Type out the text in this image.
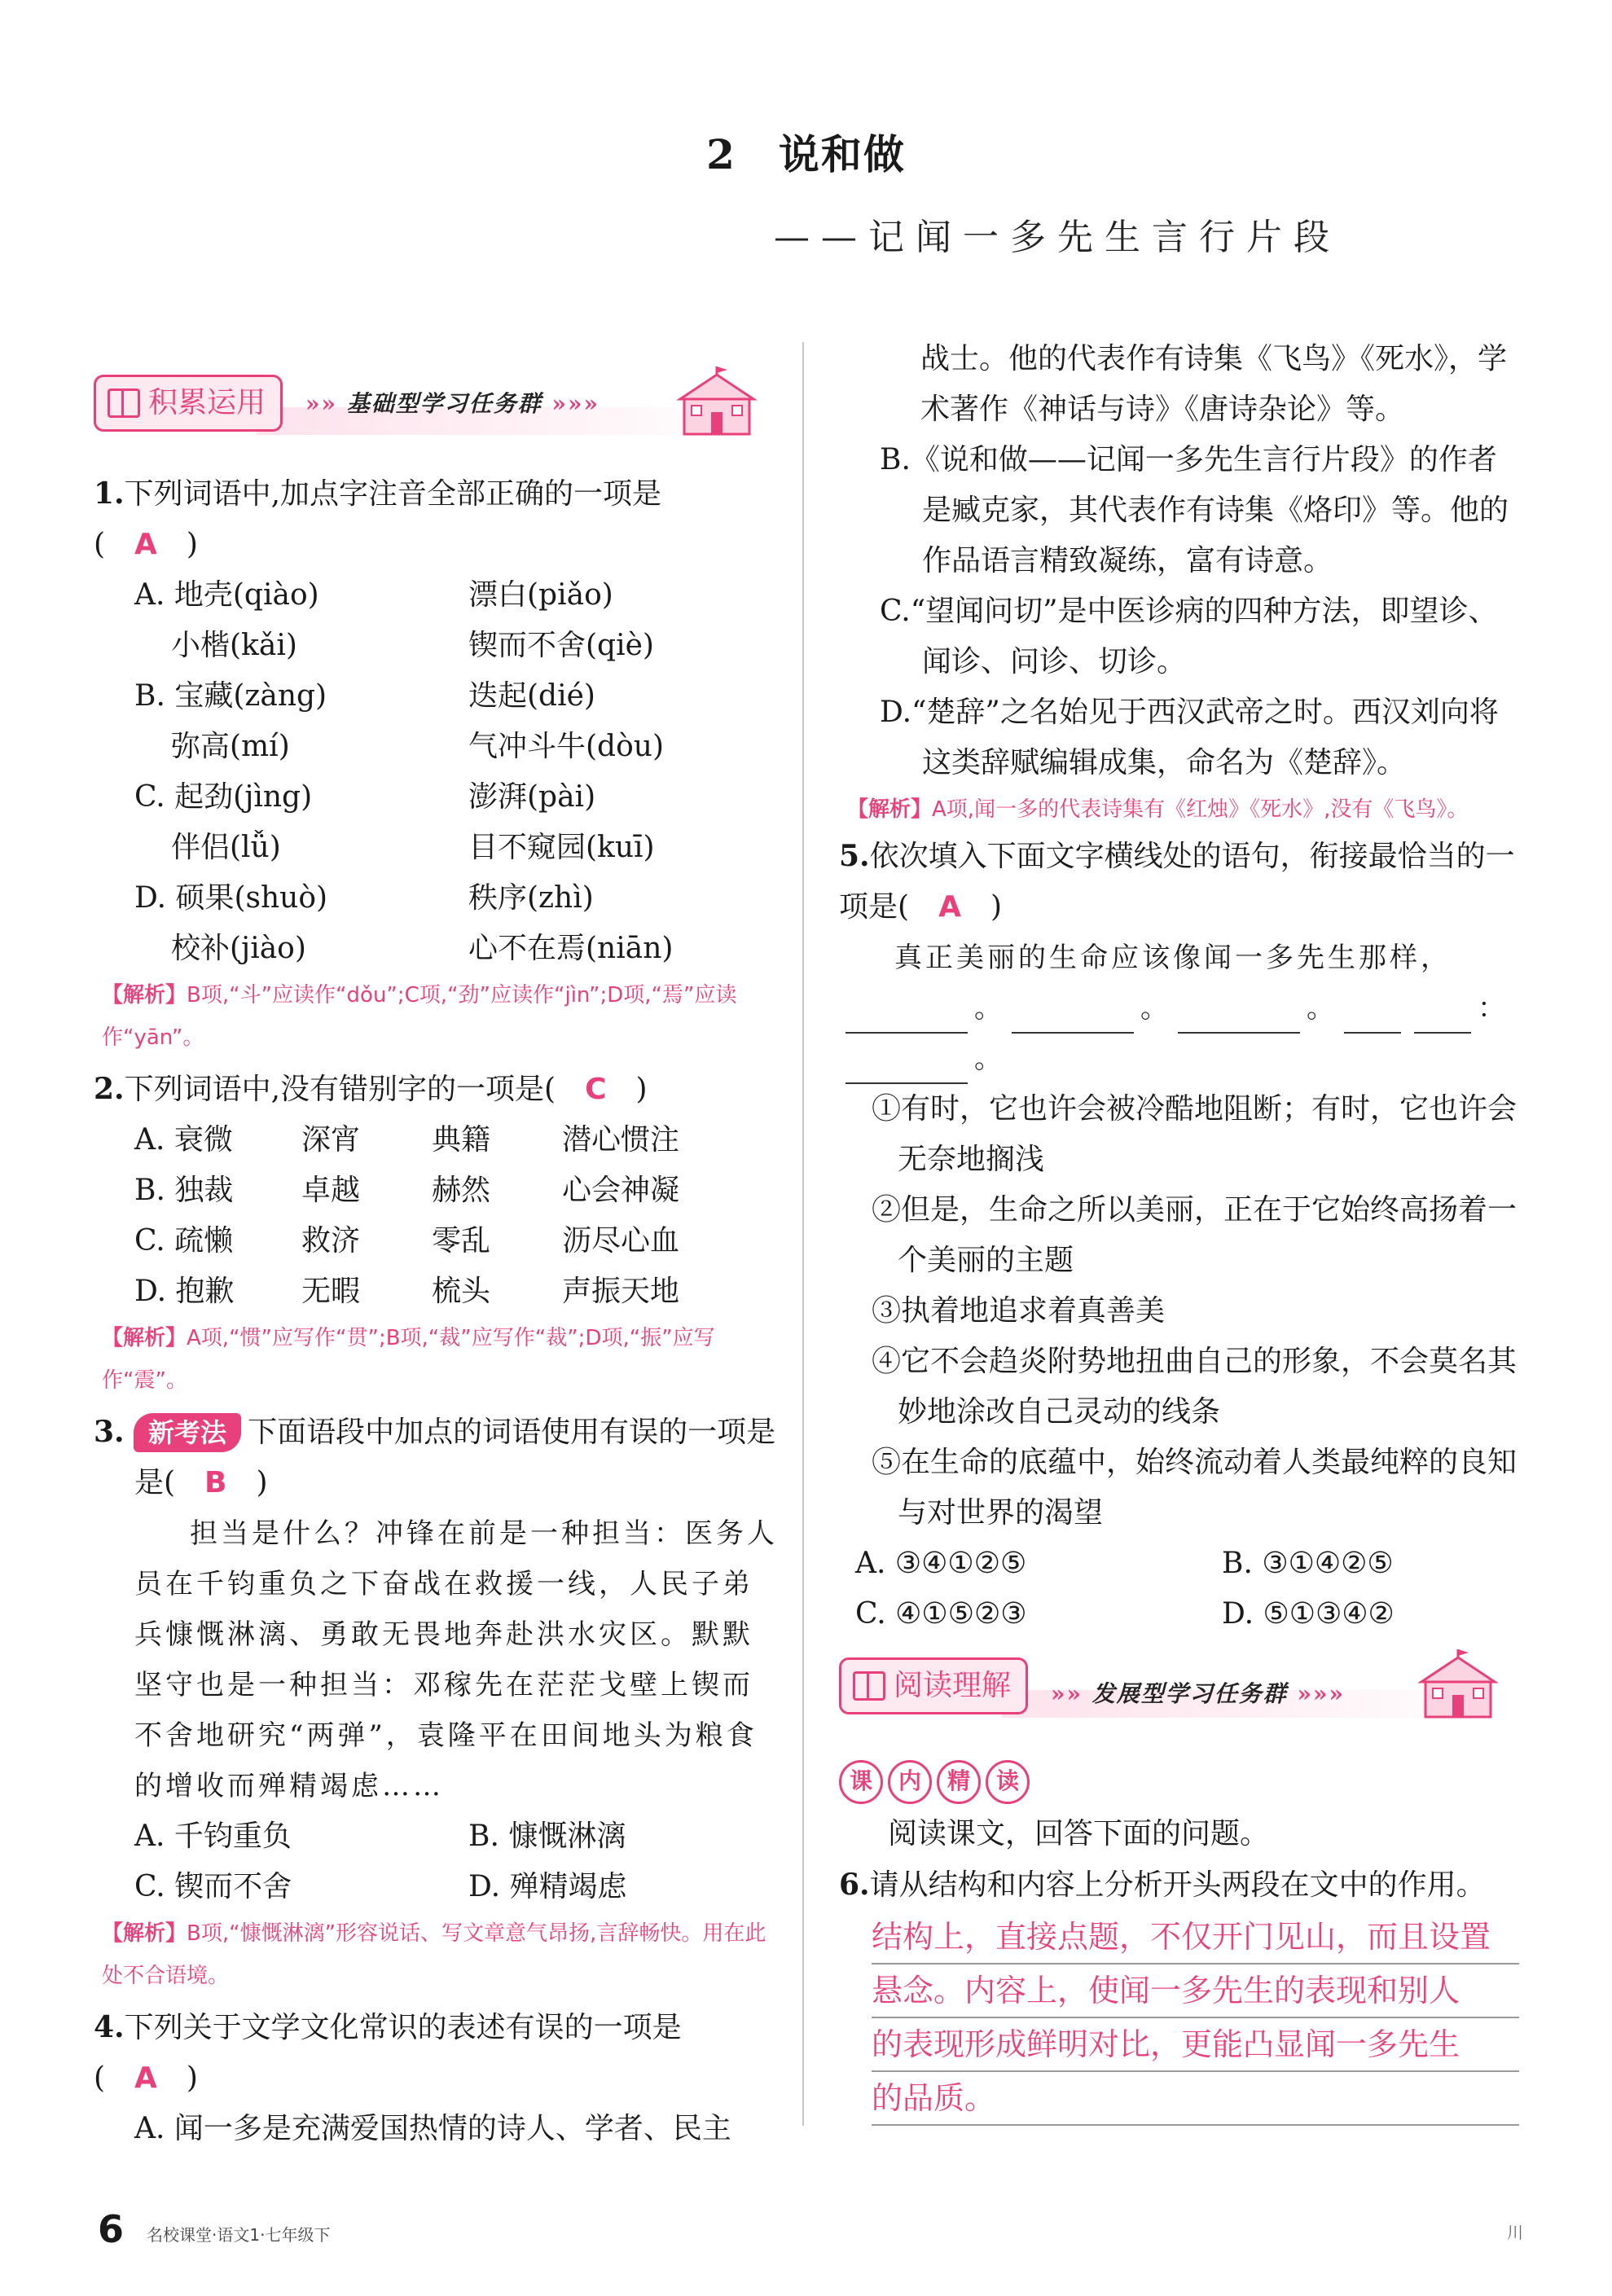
2　说和做
——记闻一多先生言行片段
积累运用 »» 基础型学习任务群 »»»
1.下列词语中,加点字注音全部正确的一项是
(　A　)
A. 地壳(qiào)	漂白(piǎo)
小楷(kǎi)	锲而不舍(qiè)
B. 宝藏(zàng)	迭起(dié)
弥高(mí)	气冲斗牛(dòu)
C. 起劲(jìng)	澎湃(pài)
伴侣(lǚ)	目不窥园(kuī)
D. 硕果(shuò)	秩序(zhì)
校补(jiào)	心不在焉(niān)
【解析】B项,“斗”应读作“dǒu”;C项,“劲”应读作“jìn”;D项,“焉”应读作“yān”。
2.下列词语中,没有错别字的一项是(　C　)
A. 衰微	深宵	典籍	潜心惯注
B. 独裁	卓越	赫然	心会神凝
C. 疏懒	救济	零乱	沥尽心血
D. 抱歉	无暇	梳头	声振天地
【解析】A项,“惯”应写作“贯”;B项,“裁”应写作“裁”;D项,“振”应写作“震”。
3. 新考法 下面语段中加点的词语使用有误的一项是
是(　B　)
担当是什么？冲锋在前是一种担当：医务人员在千钧重负之下奋战在救援一线，人民子弟兵慷慨淋漓、勇敢无畏地奔赴洪水灾区。默默坚守也是一种担当：邓稼先在茫茫戈壁上锲而不舍地研究“两弹”，袁隆平在田间地头为粮食的增收而殚精竭虑……
A. 千钧重负	B. 慷慨淋漓
C. 锲而不舍	D. 殚精竭虑
【解析】B项,“慷慨淋漓”形容说话、写文章意气昂扬,言辞畅快。用在此处不合语境。
4.下列关于文学文化常识的表述有误的一项是
(　A　)
A. 闻一多是充满爱国热情的诗人、学者、民主
战士。他的代表作有诗集《飞鸟》《死水》，学术著作《神话与诗》《唐诗杂论》等。
B.《说和做——记闻一多先生言行片段》的作者是臧克家，其代表作有诗集《烙印》等。他的作品语言精致凝练，富有诗意。
C.“望闻问切”是中医诊病的四种方法，即望诊、闻诊、问诊、切诊。
D.“楚辞”之名始见于西汉武帝之时。西汉刘向将这类辞赋编辑成集，命名为《楚辞》。
【解析】A项,闻一多的代表诗集有《红烛》《死水》,没有《飞鸟》。
5.依次填入下面文字横线处的语句，衔接最恰当的一项是(　A　)
真正美丽的生命应该像闻一多先生那样，。	。	。	：。
①有时，它也许会被冷酷地阻断；有时，它也许会无奈地搁浅
②但是，生命之所以美丽，正在于它始终高扬着一个美丽的主题
③执着地追求着真善美
④它不会趋炎附势地扭曲自己的形象，不会莫名其妙地涂改自己灵动的线条
⑤在生命的底蕴中，始终流动着人类最纯粹的良知与对世界的渴望
A. ③④①②⑤	B. ③①④②⑤
C. ④①⑤②③	D. ⑤①③④②
阅读理解 »» 发展型学习任务群 »»»
课	内	精	读
阅读课文，回答下面的问题。
6.请从结构和内容上分析开头两段在文中的作用。
结构上，直接点题，不仅开门见山，而且设置
悬念。内容上，使闻一多先生的表现和别人
的表现形成鲜明对比，更能凸显闻一多先生
的品质。
6 名校课堂·语文1·七年级下	川
